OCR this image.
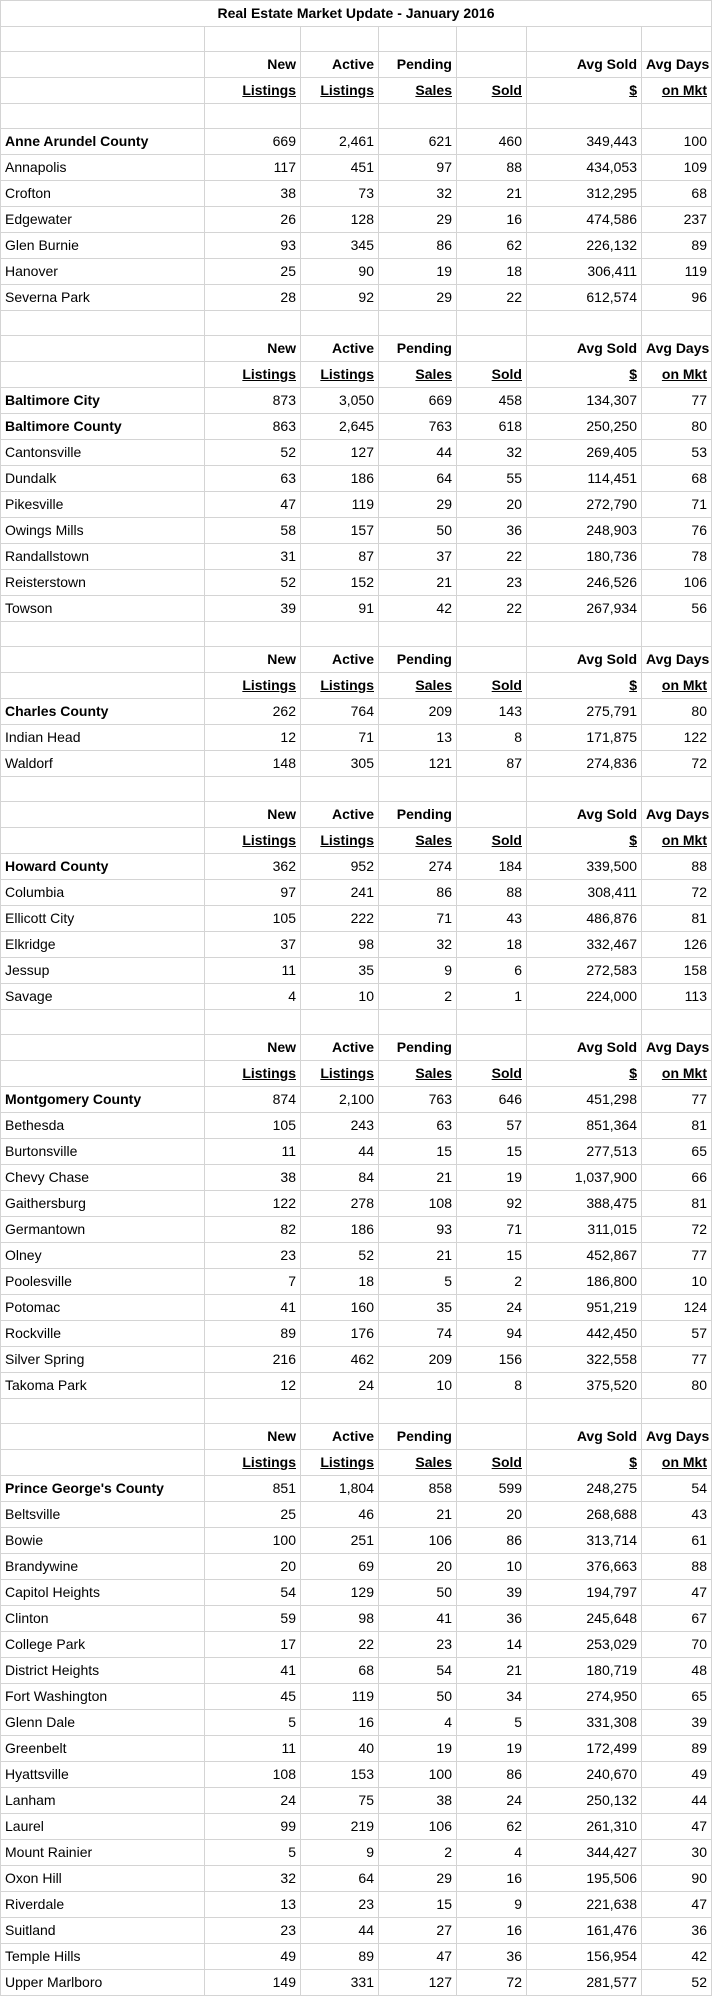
Real Estate Market Update - January 2016						

	New	Active	Pending		Avg Sold	Avg Days
	Listings	Listings	Sales	Sold	$	on Mkt

Anne Arundel County	669	2,461	621	460	349,443	100
Annapolis	117	451	97	88	434,053	109
Crofton	38	73	32	21	312,295	68
Edgewater	26	128	29	16	474,586	237
Glen Burnie	93	345	86	62	226,132	89
Hanover	25	90	19	18	306,411	119
Severna Park	28	92	29	22	612,574	96

	New	Active	Pending		Avg Sold	Avg Days
	Listings	Listings	Sales	Sold	$	on Mkt
Baltimore City	873	3,050	669	458	134,307	77
Baltimore County	863	2,645	763	618	250,250	80
Cantonsville	52	127	44	32	269,405	53
Dundalk	63	186	64	55	114,451	68
Pikesville	47	119	29	20	272,790	71
Owings Mills	58	157	50	36	248,903	76
Randallstown	31	87	37	22	180,736	78
Reisterstown	52	152	21	23	246,526	106
Towson	39	91	42	22	267,934	56

	New	Active	Pending		Avg Sold	Avg Days
	Listings	Listings	Sales	Sold	$	on Mkt
Charles County	262	764	209	143	275,791	80
Indian Head	12	71	13	8	171,875	122
Waldorf	148	305	121	87	274,836	72

	New	Active	Pending		Avg Sold	Avg Days
	Listings	Listings	Sales	Sold	$	on Mkt
Howard County	362	952	274	184	339,500	88
Columbia	97	241	86	88	308,411	72
Ellicott City	105	222	71	43	486,876	81
Elkridge	37	98	32	18	332,467	126
Jessup	11	35	9	6	272,583	158
Savage	4	10	2	1	224,000	113

	New	Active	Pending		Avg Sold	Avg Days
	Listings	Listings	Sales	Sold	$	on Mkt
Montgomery County	874	2,100	763	646	451,298	77
Bethesda	105	243	63	57	851,364	81
Burtonsville	11	44	15	15	277,513	65
Chevy Chase	38	84	21	19	1,037,900	66
Gaithersburg	122	278	108	92	388,475	81
Germantown	82	186	93	71	311,015	72
Olney	23	52	21	15	452,867	77
Poolesville	7	18	5	2	186,800	10
Potomac	41	160	35	24	951,219	124
Rockville	89	176	74	94	442,450	57
Silver Spring	216	462	209	156	322,558	77
Takoma Park	12	24	10	8	375,520	80

	New	Active	Pending		Avg Sold	Avg Days
	Listings	Listings	Sales	Sold	$	on Mkt
Prince George's County	851	1,804	858	599	248,275	54
Beltsville	25	46	21	20	268,688	43
Bowie	100	251	106	86	313,714	61
Brandywine	20	69	20	10	376,663	88
Capitol Heights	54	129	50	39	194,797	47
Clinton	59	98	41	36	245,648	67
College Park	17	22	23	14	253,029	70
District Heights	41	68	54	21	180,719	48
Fort Washington	45	119	50	34	274,950	65
Glenn Dale	5	16	4	5	331,308	39
Greenbelt	11	40	19	19	172,499	89
Hyattsville	108	153	100	86	240,670	49
Lanham	24	75	38	24	250,132	44
Laurel	99	219	106	62	261,310	47
Mount Rainier	5	9	2	4	344,427	30
Oxon Hill	32	64	29	16	195,506	90
Riverdale	13	23	15	9	221,638	47
Suitland	23	44	27	16	161,476	36
Temple Hills	49	89	47	36	156,954	42
Upper Marlboro	149	331	127	72	281,577	52
